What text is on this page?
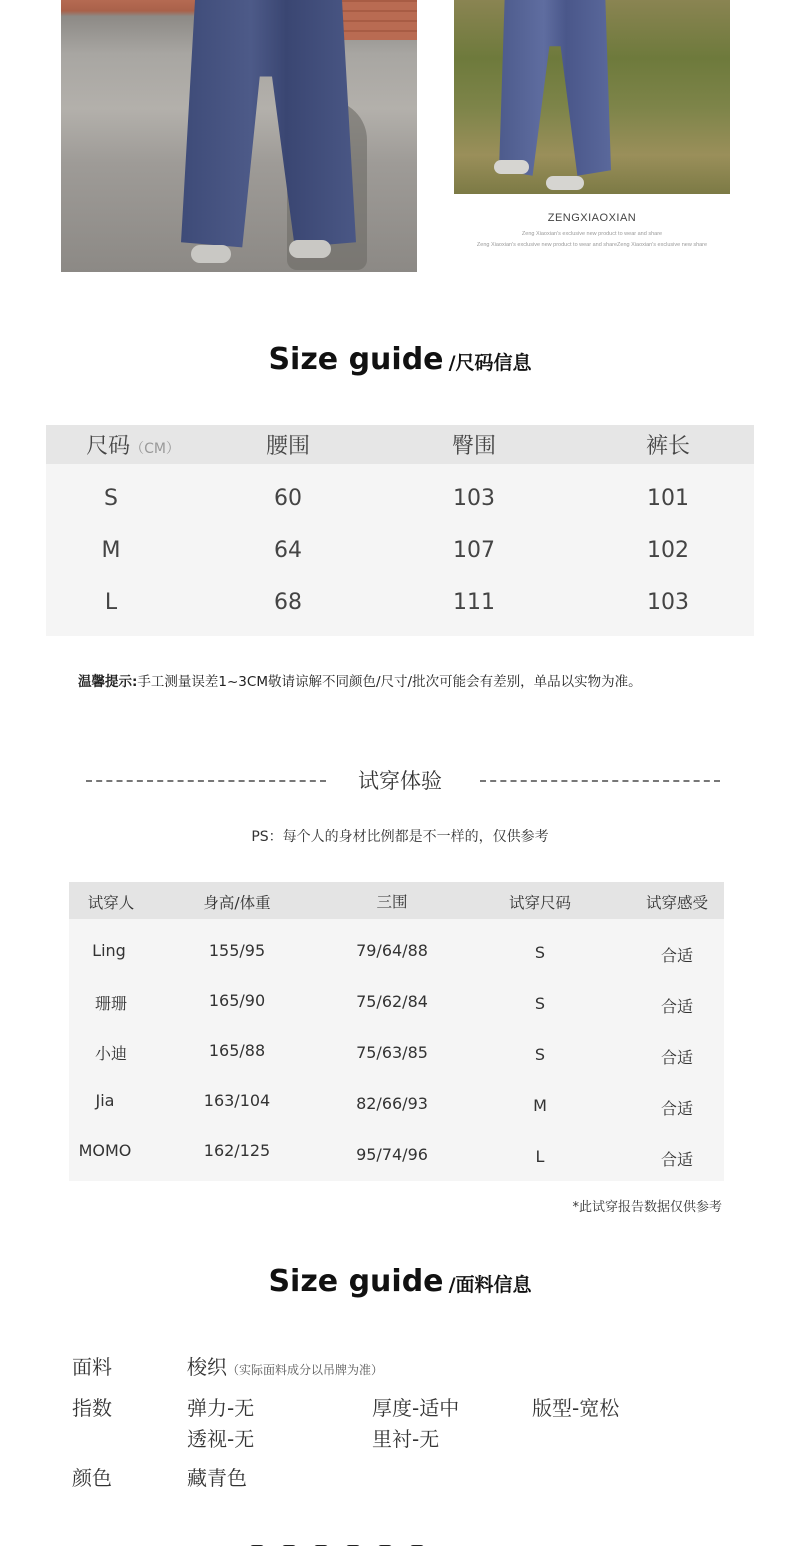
ZENGXIAOXIAN
Zeng Xiaoxian's exclusive new product to wear and share
Zeng Xiaoxian's exclusive new product to wear and shareZeng Xiaoxian's exclusive new share
Size guide /尺码信息
尺码（CM）	腰围	臀围	裤长
S	60	103	101
M	64	107	102
L	68	111	103
温馨提示:手工测量误差1~3CM敬请谅解不同颜色/尺寸/批次可能会有差别，单品以实物为准。
试穿体验
PS：每个人的身材比例都是不一样的，仅供参考
试穿人	身高/体重	三围	试穿尺码	试穿感受
Ling	155/95	79/64/88	S	合适
珊珊	165/90	75/62/84	S	合适
小迪	165/88	75/63/85	S	合适
Jia	163/104	82/66/93	M	合适
MOMO	162/125	95/74/96	L	合适
*此试穿报告数据仅供参考
Size guide /面料信息
面料	梭织（实际面料成分以吊牌为准）
指数	弹力-无	厚度-适中	版型-宽松
透视-无	里衬-无
颜色	藏青色
